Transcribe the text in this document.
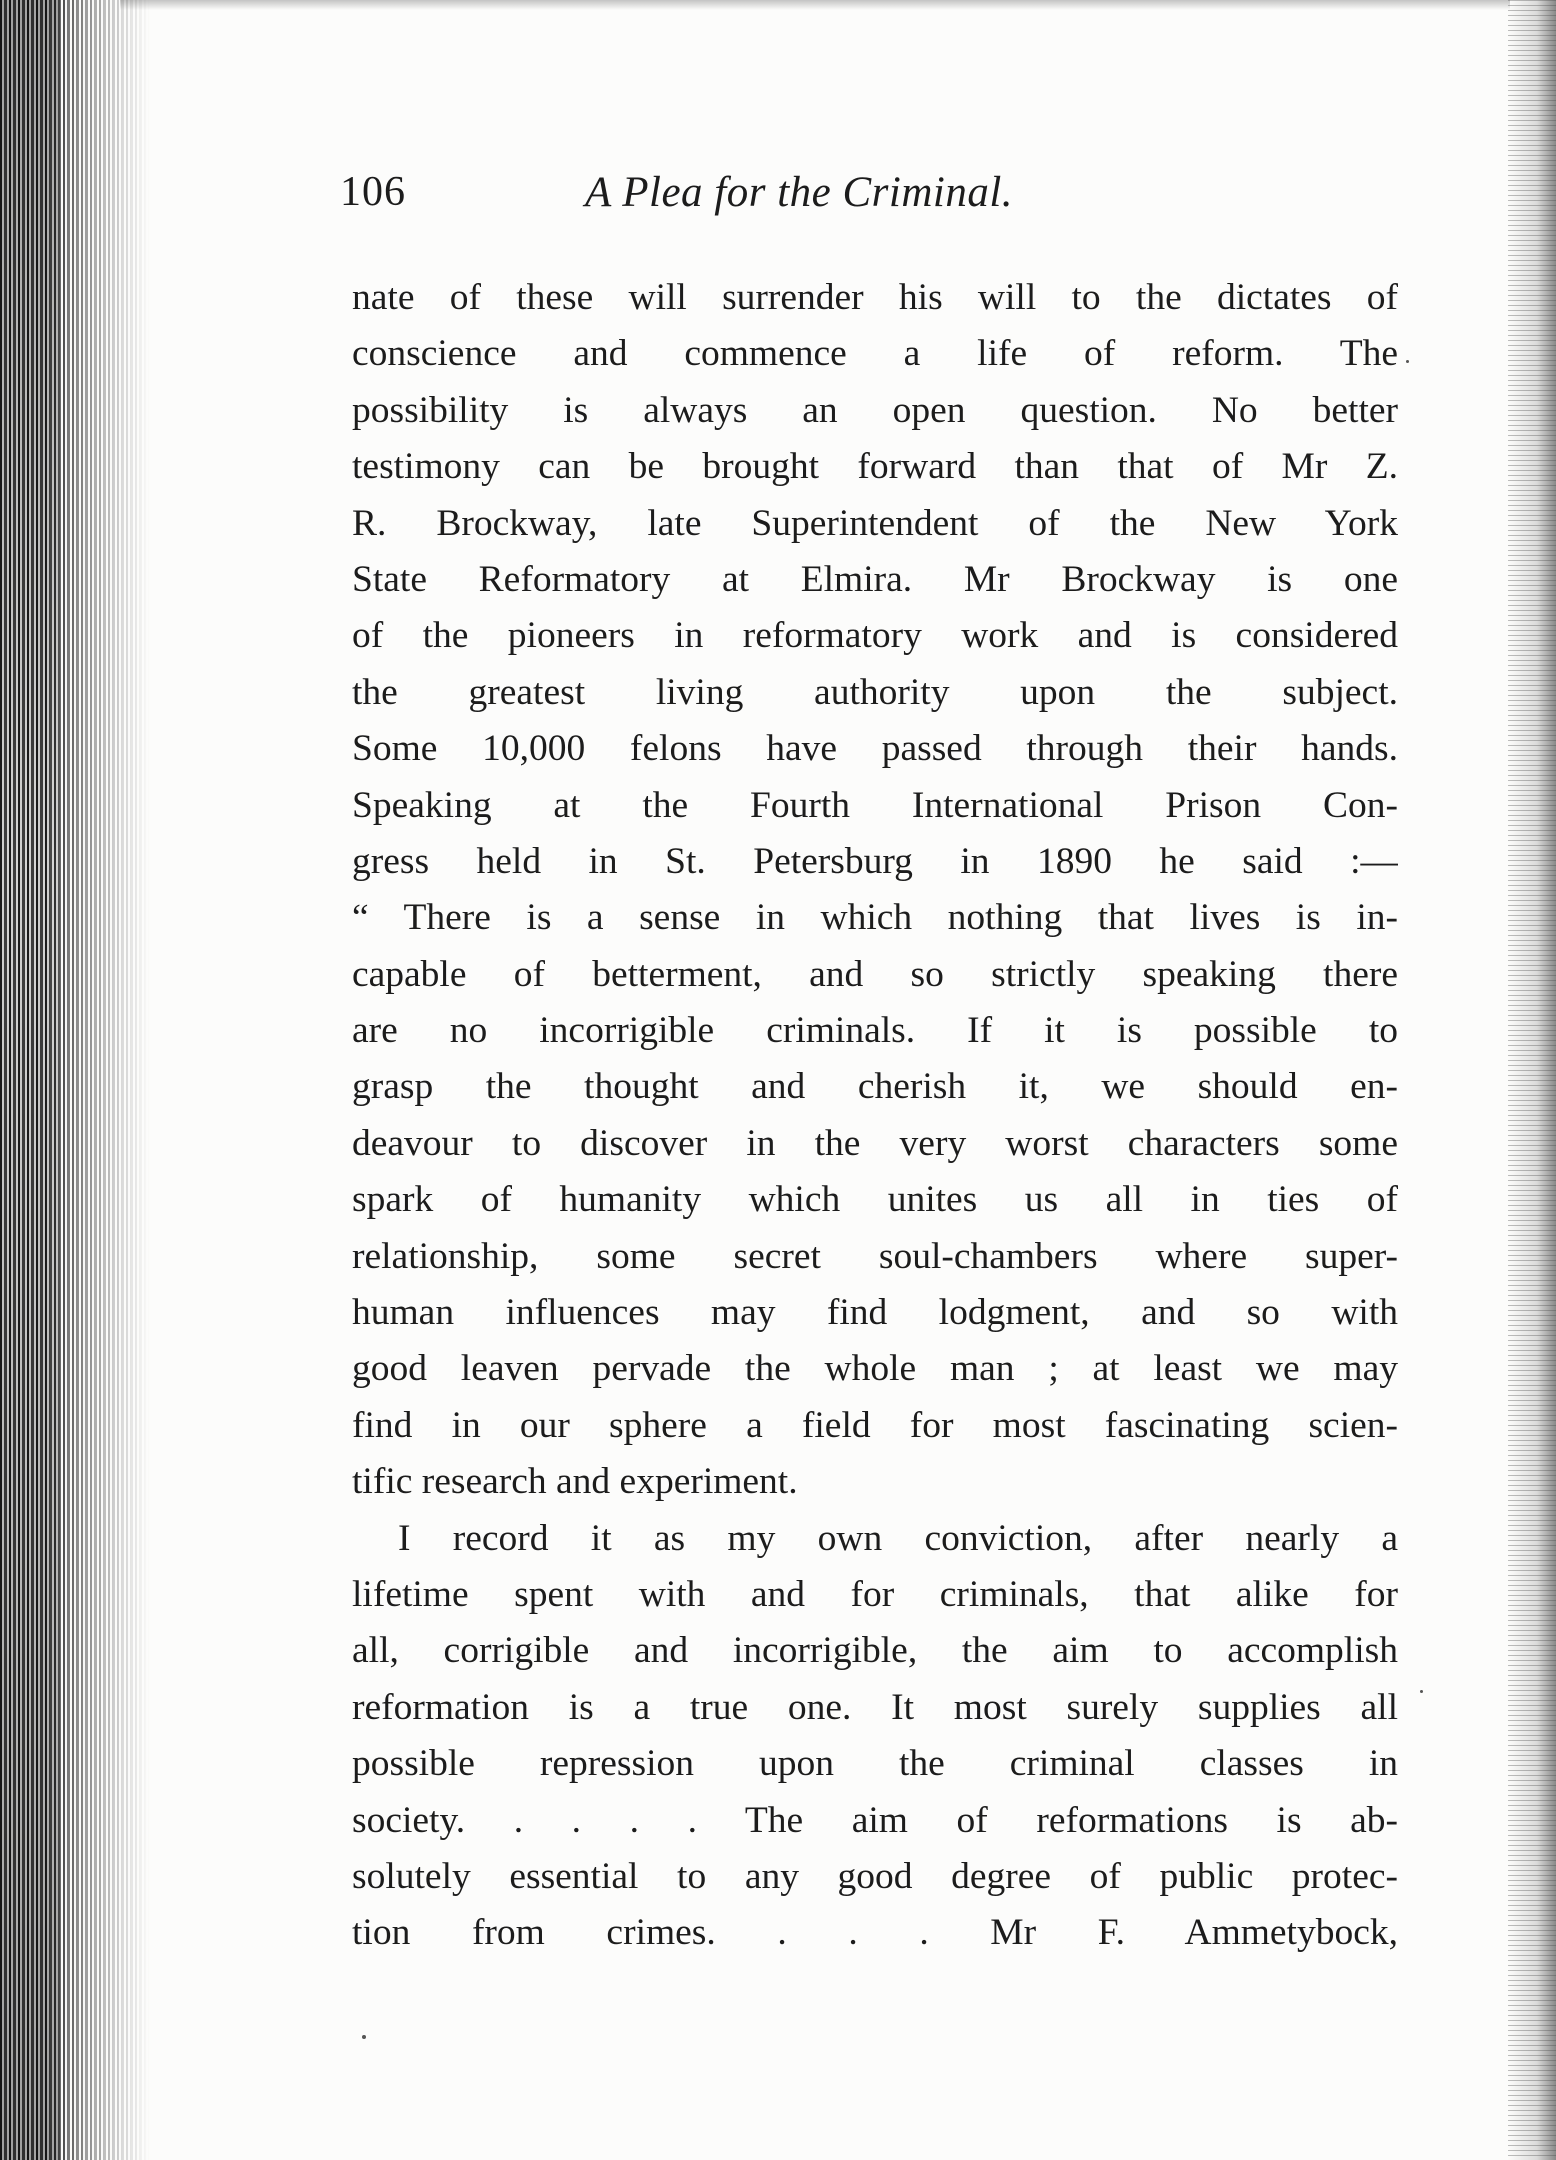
106	A Plea for the Criminal.
nate of these will surrender his will to the dictates of
conscience and commence a life of reform. The
possibility is always an open question. No better
testimony can be brought forward than that of Mr Z.
R. Brockway, late Superintendent of the New York
State Reformatory at Elmira. Mr Brockway is one
of the pioneers in reformatory work and is considered
the greatest living authority upon the subject.
Some 10,000 felons have passed through their hands.
Speaking at the Fourth International Prison Con-
gress held in St. Petersburg in 1890 he said :—
“ There is a sense in which nothing that lives is in-
capable of betterment, and so strictly speaking there
are no incorrigible criminals. If it is possible to
grasp the thought and cherish it, we should en-
deavour to discover in the very worst characters some
spark of humanity which unites us all in ties of
relationship, some secret soul-chambers where super-
human influences may find lodgment, and so with
good leaven pervade the whole man ; at least we may
find in our sphere a field for most fascinating scien-
tific research and experiment.
I record it as my own conviction, after nearly a
lifetime spent with and for criminals, that alike for
all, corrigible and incorrigible, the aim to accomplish
reformation is a true one. It most surely supplies all
possible repression upon the criminal classes in
society. . . . . The aim of reformations is ab-
solutely essential to any good degree of public protec-
tion from crimes. . . . Mr F. Ammetybock,
